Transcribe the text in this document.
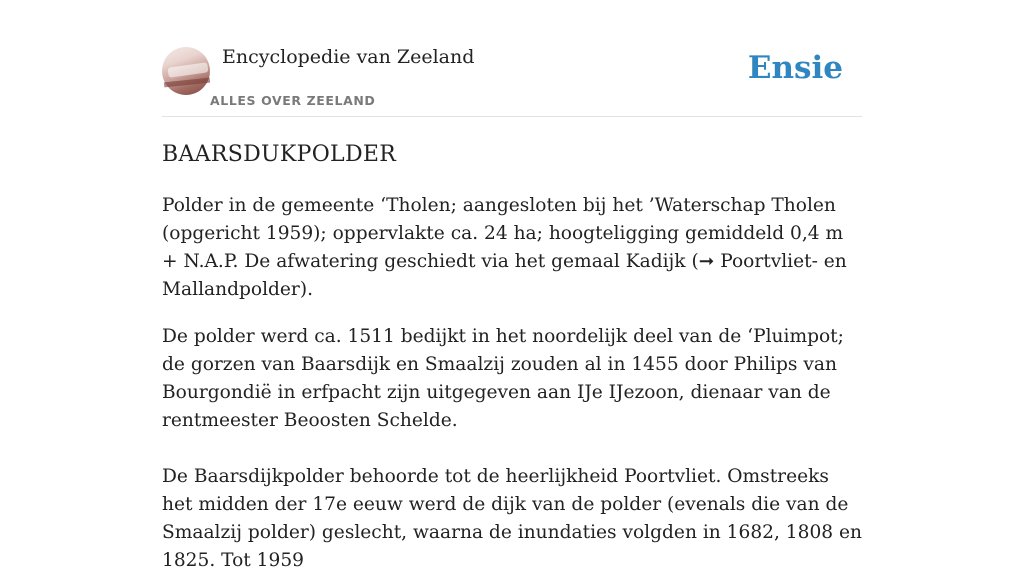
Encyclopedie van Zeeland
ALLES OVER ZEELAND
Ensie
BAARSDUKPOLDER

Polder in de gemeente ‘Tholen; aangesloten bij het ’Waterschap Tholen (opgericht 1959); oppervlakte ca. 24 ha; hoogteligging gemiddeld 0,4 m + N.A.P. De afwatering geschiedt via het gemaal Kadijk (➞ Poortvliet- en Mallandpolder).

De polder werd ca. 1511 bedijkt in het noordelijk deel van de ‘Pluimpot; de gorzen van Baarsdijk en Smaalzij zouden al in 1455 door Philips van Bourgondië in erfpacht zijn uitgegeven aan IJe IJezoon, dienaar van de rentmeester Beoosten Schelde.

De Baarsdijkpolder behoorde tot de heerlijkheid Poortvliet. Omstreeks het midden der 17e eeuw werd de dijk van de polder (evenals die van de Smaalzij polder) geslecht, waarna de inundaties volgden in 1682, 1808 en 1825. Tot 1959
